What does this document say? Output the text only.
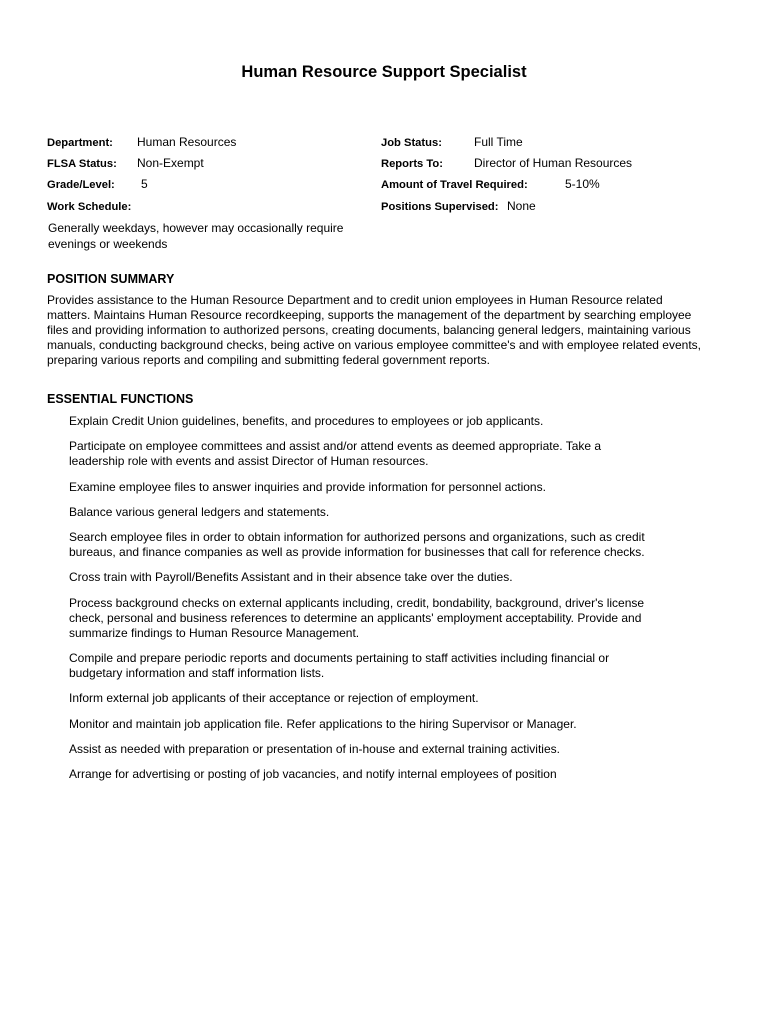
Human Resource Support Specialist
Department: Human Resources
FLSA Status: Non-Exempt
Grade/Level: 5
Work Schedule:
Generally weekdays, however may occasionally require evenings or weekends
Job Status:	Full Time
Reports To:	Director of Human Resources
Amount of Travel Required:	5-10%
Positions Supervised: None
POSITION SUMMARY
Provides assistance to the Human Resource Department and to credit union employees in Human Resource related matters. Maintains Human Resource recordkeeping, supports the management of the department by searching employee files and providing information to authorized persons, creating documents, balancing general ledgers, maintaining various manuals, conducting background checks, being active on various employee committee's and with employee related events, preparing various reports and compiling and submitting federal government reports.
ESSENTIAL FUNCTIONS
Explain Credit Union guidelines, benefits, and procedures to employees or job applicants.
Participate on employee committees and assist and/or attend events as deemed appropriate. Take a leadership role with events and assist Director of Human resources.
Examine employee files to answer inquiries and provide information for personnel actions.
Balance various general ledgers and statements.
Search employee files in order to obtain information for authorized persons and organizations, such as credit bureaus, and finance companies as well as provide information for businesses that call for reference checks.
Cross train with Payroll/Benefits Assistant and in their absence take over the duties.
Process background checks on external applicants including, credit, bondability, background, driver's license check, personal and business references to determine an applicants' employment acceptability. Provide and summarize findings to Human Resource Management.
Compile and prepare periodic reports and documents pertaining to staff activities including financial or budgetary information and staff information lists.
Inform external job applicants of their acceptance or rejection of employment.
Monitor and maintain job application file. Refer applications to the hiring Supervisor or Manager.
Assist as needed with preparation or presentation of in-house and external training activities.
Arrange for advertising or posting of job vacancies, and notify internal employees of position
